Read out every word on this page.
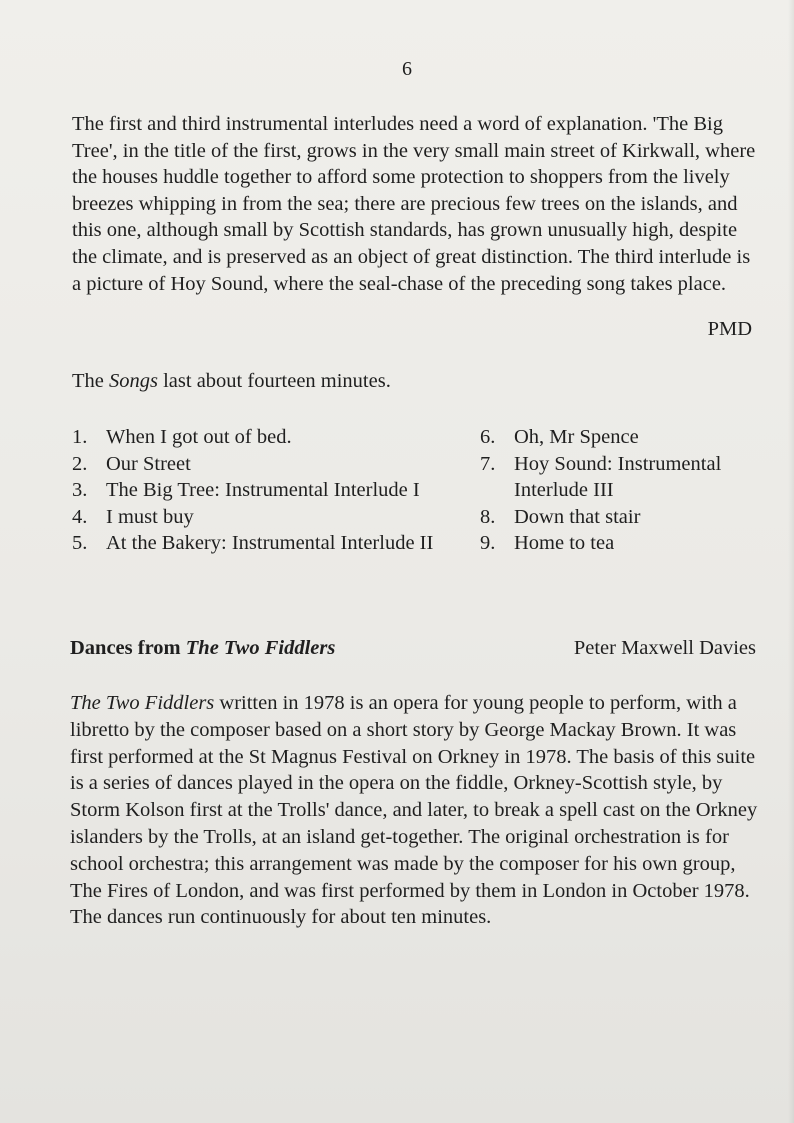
6

The first and third instrumental interludes need a word of explanation. 'The Big Tree', in the title of the first, grows in the very small main street of Kirkwall, where the houses huddle together to afford some protection to shoppers from the lively breezes whipping in from the sea; there are precious few trees on the islands, and this one, although small by Scottish standards, has grown unusually high, despite the climate, and is preserved as an object of great distinction. The third interlude is a picture of Hoy Sound, where the seal-chase of the preceding song takes place.

PMD
The Songs last about fourteen minutes.
1. When I got out of bed.
2. Our Street
3. The Big Tree: Instrumental Interlude I
4. I must buy
5. At the Bakery: Instrumental Interlude II
6. Oh, Mr Spence
7. Hoy Sound: Instrumental Interlude III
8. Down that stair
9. Home to tea
Dances from The Two Fiddlers	Peter Maxwell Davies

The Two Fiddlers written in 1978 is an opera for young people to perform, with a libretto by the composer based on a short story by George Mackay Brown. It was first performed at the St Magnus Festival on Orkney in 1978. The basis of this suite is a series of dances played in the opera on the fiddle, Orkney-Scottish style, by Storm Kolson first at the Trolls' dance, and later, to break a spell cast on the Orkney islanders by the Trolls, at an island get-together. The original orchestration is for school orchestra; this arrangement was made by the composer for his own group, The Fires of London, and was first performed by them in London in October 1978. The dances run continuously for about ten minutes.
